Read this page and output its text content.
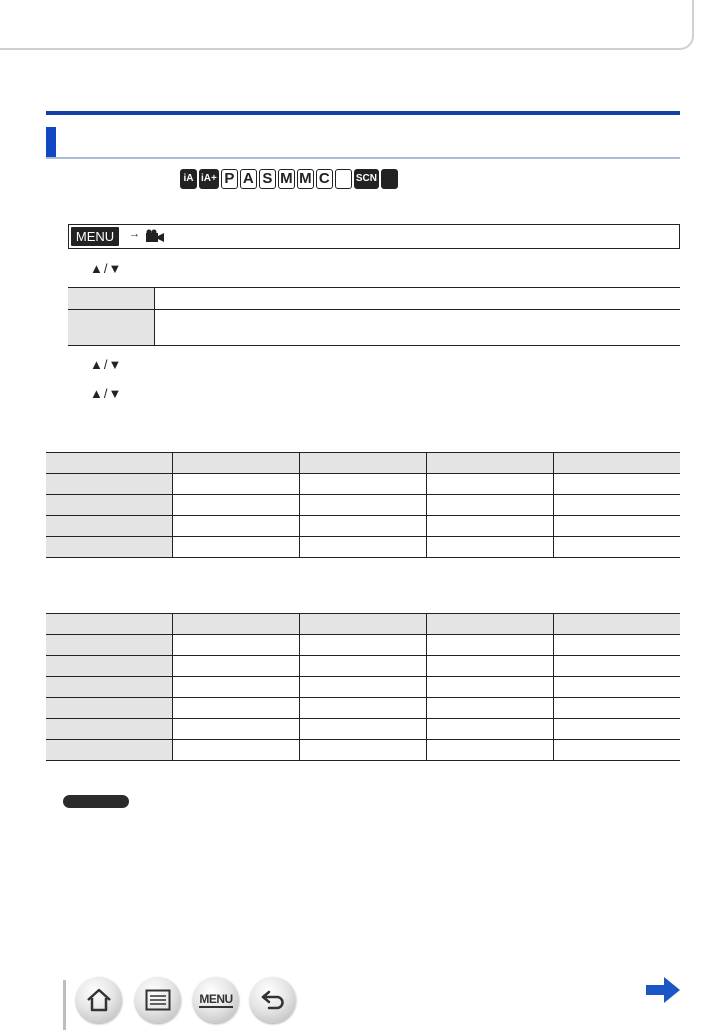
iA iA+ P A S M M C	SCN
MENU	→
▲/▼

▲/▼
▲/▼

MENU
